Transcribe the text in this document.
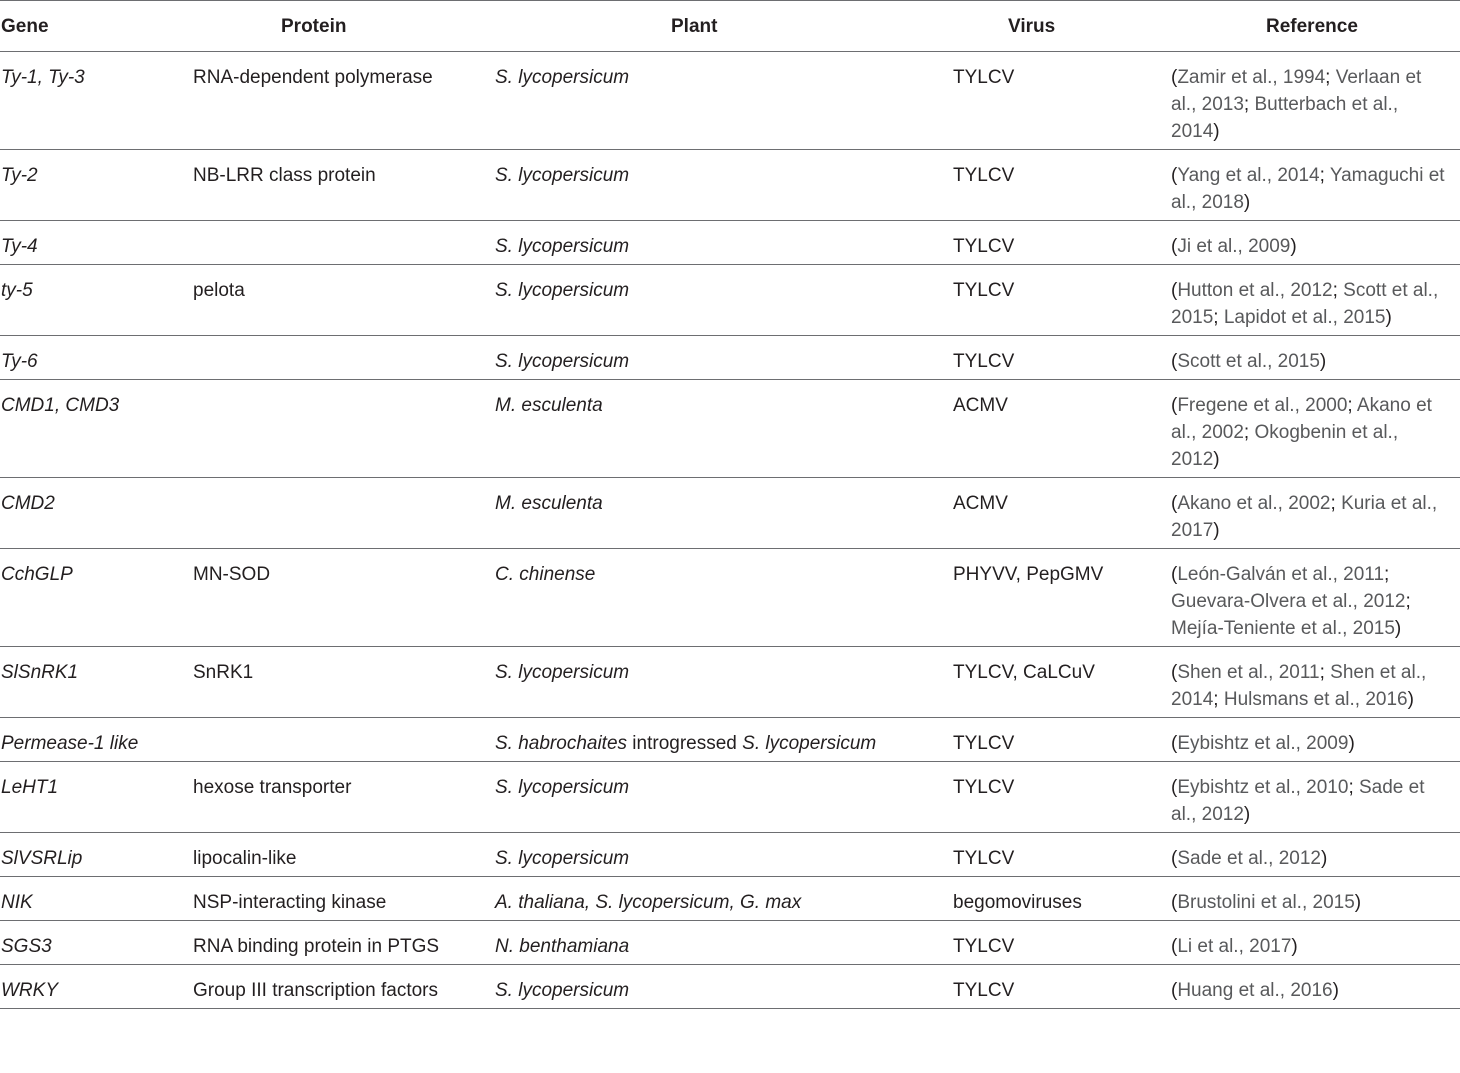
Gene	Protein	Plant	Virus	Reference
Ty-1, Ty-3	RNA-dependent polymerase	S. lycopersicum	TYLCV	(Zamir et al., 1994; Verlaan et al., 2013; Butterbach et al., 2014)
Ty-2	NB-LRR class protein	S. lycopersicum	TYLCV	(Yang et al., 2014; Yamaguchi et al., 2018)
Ty-4		S. lycopersicum	TYLCV	(Ji et al., 2009)
ty-5	pelota	S. lycopersicum	TYLCV	(Hutton et al., 2012; Scott et al., 2015; Lapidot et al., 2015)
Ty-6		S. lycopersicum	TYLCV	(Scott et al., 2015)
CMD1, CMD3		M. esculenta	ACMV	(Fregene et al., 2000; Akano et al., 2002; Okogbenin et al., 2012)
CMD2		M. esculenta	ACMV	(Akano et al., 2002; Kuria et al., 2017)
CchGLP	MN-SOD	C. chinense	PHYVV, PepGMV	(León-Galván et al., 2011; Guevara-Olvera et al., 2012; Mejía-Teniente et al., 2015)
SlSnRK1	SnRK1	S. lycopersicum	TYLCV, CaLCuV	(Shen et al., 2011; Shen et al., 2014; Hulsmans et al., 2016)
Permease-1 like		S. habrochaites introgressed S. lycopersicum	TYLCV	(Eybishtz et al., 2009)
LeHT1	hexose transporter	S. lycopersicum	TYLCV	(Eybishtz et al., 2010; Sade et al., 2012)
SlVSRLip	lipocalin-like	S. lycopersicum	TYLCV	(Sade et al., 2012)
NIK	NSP-interacting kinase	A. thaliana, S. lycopersicum, G. max	begomoviruses	(Brustolini et al., 2015)
SGS3	RNA binding protein in PTGS	N. benthamiana	TYLCV	(Li et al., 2017)
WRKY	Group III transcription factors	S. lycopersicum	TYLCV	(Huang et al., 2016)
